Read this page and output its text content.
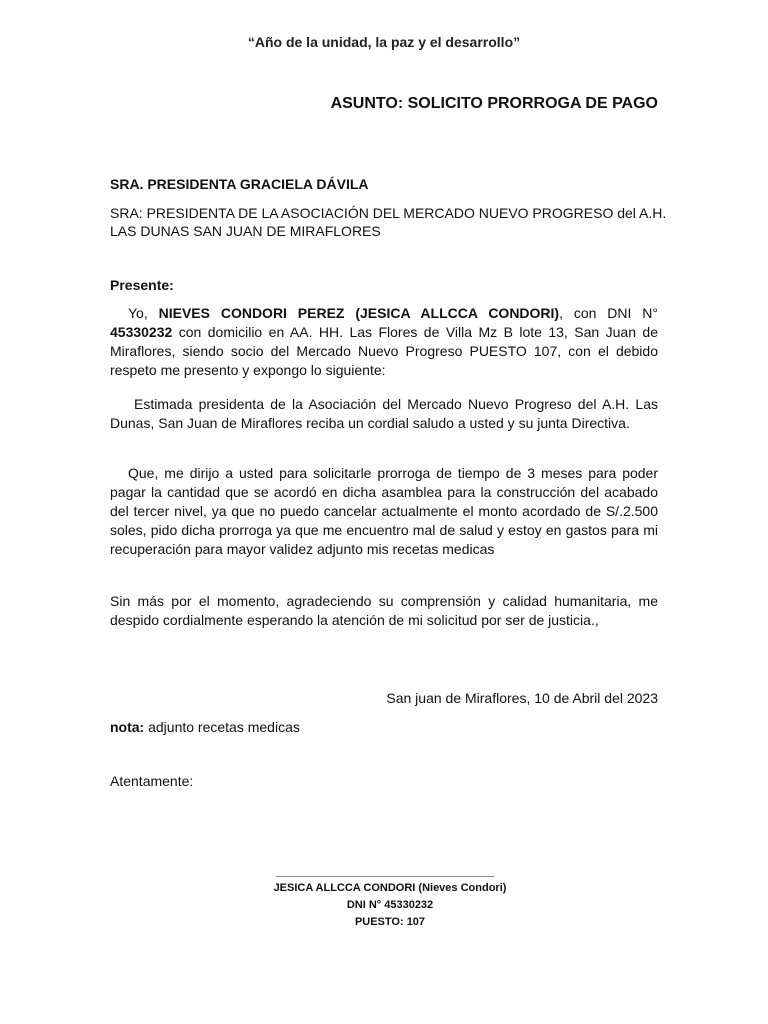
“Año de la unidad, la paz y el desarrollo”
ASUNTO: SOLICITO PRORROGA DE PAGO
SRA. PRESIDENTA GRACIELA DÁVILA
SRA: PRESIDENTA DE LA ASOCIACIÓN DEL MERCADO NUEVO PROGRESO del A.H. LAS DUNAS SAN JUAN DE MIRAFLORES
Presente:
Yo, NIEVES CONDORI PEREZ (JESICA ALLCCA CONDORI), con DNI N° 45330232 con domicilio en AA. HH. Las Flores de Villa Mz B lote 13, San Juan de Miraflores, siendo socio del Mercado Nuevo Progreso PUESTO 107, con el debido respeto me presento y expongo lo siguiente:
Estimada presidenta de la Asociación del Mercado Nuevo Progreso del A.H. Las Dunas, San Juan de Miraflores reciba un cordial saludo a usted y su junta Directiva.
Que, me dirijo a usted para solicitarle prorroga de tiempo de 3 meses para poder pagar la cantidad que se acordó en dicha asamblea para la construcción del acabado del tercer nivel, ya que no puedo cancelar actualmente el monto acordado de S/.2.500 soles, pido dicha prorroga ya que me encuentro mal de salud y estoy en gastos para mi recuperación para mayor validez adjunto mis recetas medicas
Sin más por el momento, agradeciendo su comprensión y calidad humanitaria, me despido cordialmente esperando la atención de mi solicitud por ser de justicia.,
San juan de Miraflores, 10 de Abril del 2023
nota: adjunto recetas medicas
Atentamente:
JESICA ALLCCA CONDORI (Nieves Condori)
DNI N° 45330232
PUESTO: 107
